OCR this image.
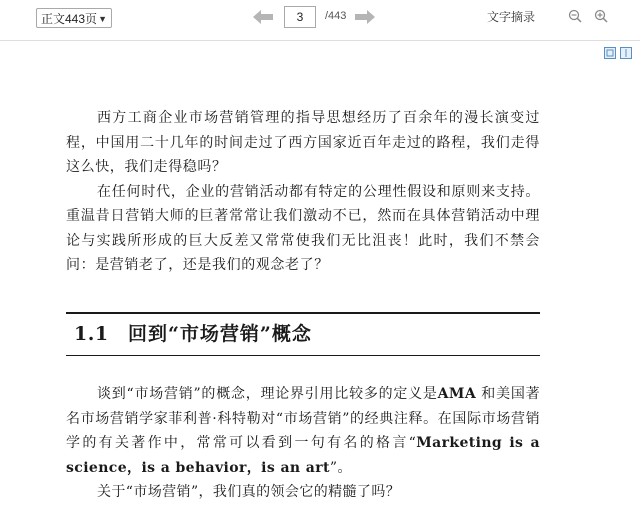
正文443页 ▼	3	/443	文字摘录

西方工商企业市场营销管理的指导思想经历了百余年的漫长演变过程，中国用二十几年的时间走过了西方国家近百年走过的路程，我们走得这么快，我们走得稳吗？

在任何时代，企业的营销活动都有特定的公理性假设和原则来支持。重温昔日营销大师的巨著常常让我们激动不已，然而在具体营销活动中理论与实践所形成的巨大反差又常常使我们无比沮丧！此时，我们不禁会问：是营销老了，还是我们的观念老了？

1.1 回到“市场营销”概念

谈到“市场营销”的概念，理论界引用比较多的定义是AMA 和美国著名市场营销学家菲利普·科特勒对“市场营销”的经典注释。在国际市场营销学的有关著作中，常常可以看到一句有名的格言“Marketing is a science，is a behavior，is an art”。

关于“市场营销”，我们真的领会它的精髓了吗？
